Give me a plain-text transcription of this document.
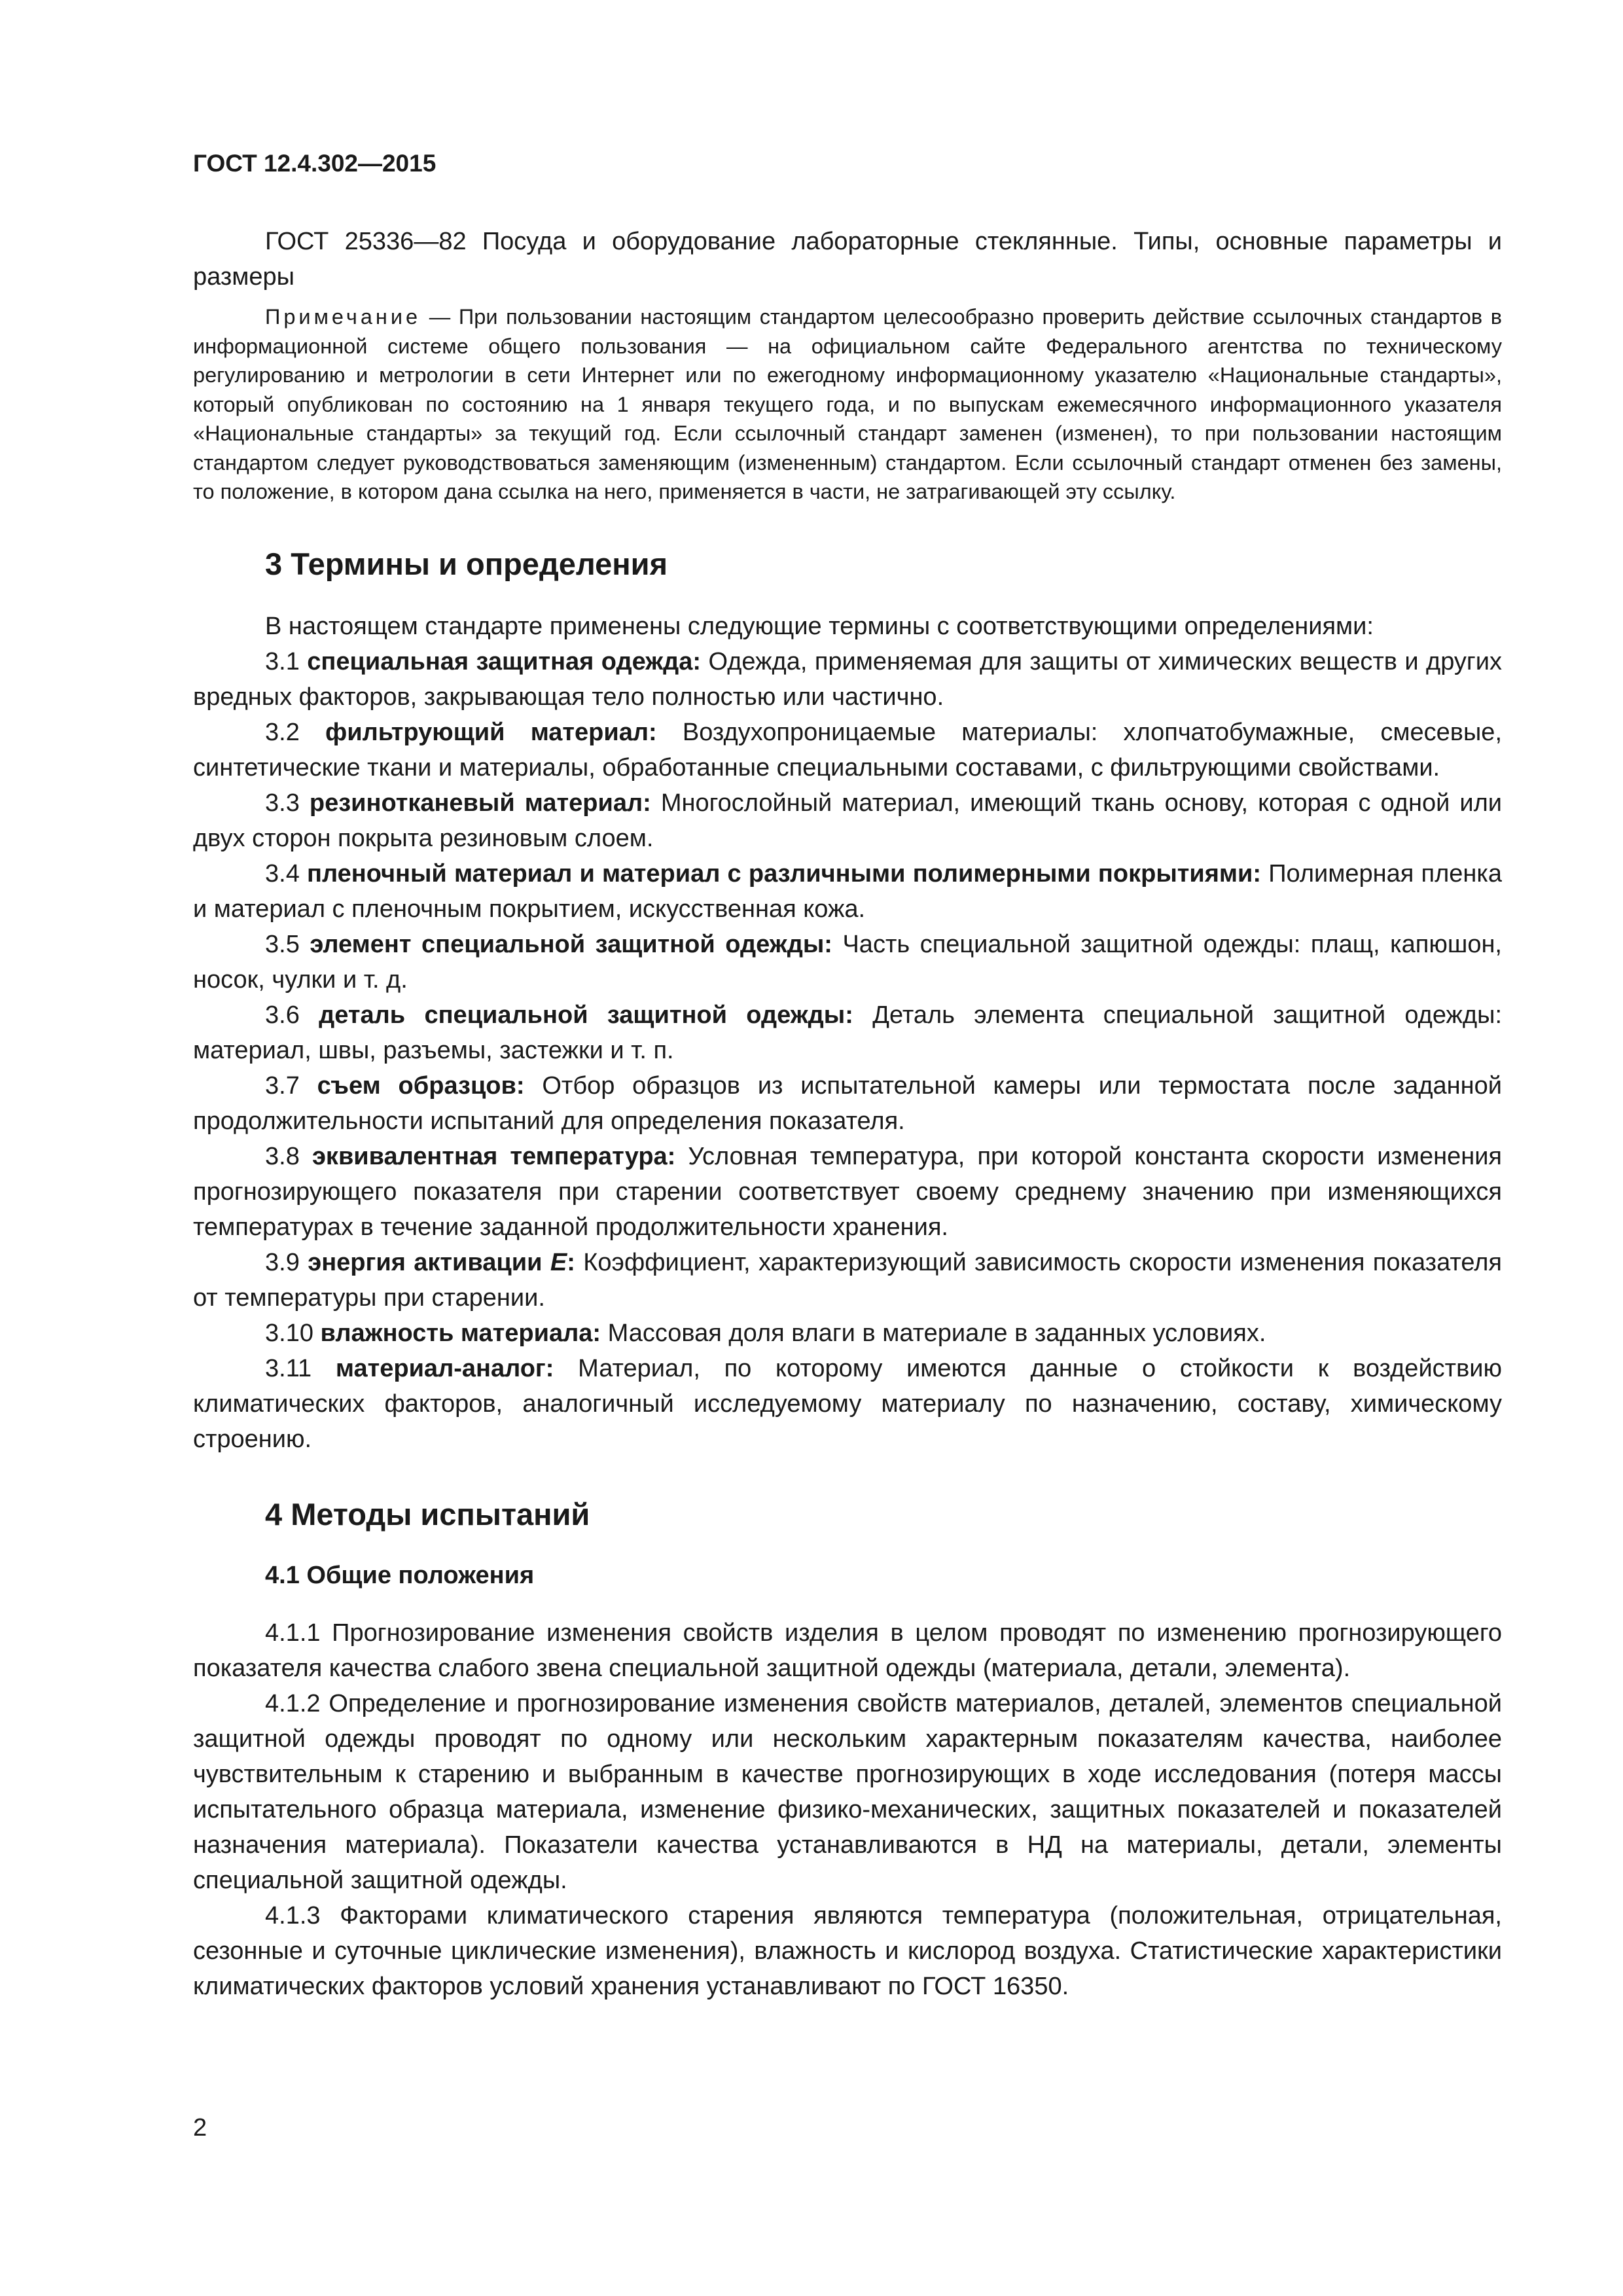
ГОСТ 12.4.302—2015

ГОСТ 25336—82 Посуда и оборудование лабораторные стеклянные. Типы, основные параметры и размеры

Примечание — При пользовании настоящим стандартом целесообразно проверить действие ссылочных стандартов в информационной системе общего пользования — на официальном сайте Федерального агентства по техническому регулированию и метрологии в сети Интернет или по ежегодному информационному указателю «Национальные стандарты», который опубликован по состоянию на 1 января текущего года, и по выпускам ежемесячного информационного указателя «Национальные стандарты» за текущий год. Если ссылочный стандарт заменен (изменен), то при пользовании настоящим стандартом следует руководствоваться заменяющим (измененным) стандартом. Если ссылочный стандарт отменен без замены, то положение, в котором дана ссылка на него, применяется в части, не затрагивающей эту ссылку.

3 Термины и определения

В настоящем стандарте применены следующие термины с соответствующими определениями:

3.1 специальная защитная одежда: Одежда, применяемая для защиты от химических веществ и других вредных факторов, закрывающая тело полностью или частично.

3.2 фильтрующий материал: Воздухопроницаемые материалы: хлопчатобумажные, смесевые, синтетические ткани и материалы, обработанные специальными составами, с фильтрующими свойствами.

3.3 резинотканевый материал: Многослойный материал, имеющий ткань основу, которая с одной или двух сторон покрыта резиновым слоем.

3.4 пленочный материал и материал с различными полимерными покрытиями: Полимерная пленка и материал с пленочным покрытием, искусственная кожа.

3.5 элемент специальной защитной одежды: Часть специальной защитной одежды: плащ, капюшон, носок, чулки и т. д.

3.6 деталь специальной защитной одежды: Деталь элемента специальной защитной одежды: материал, швы, разъемы, застежки и т. п.

3.7 съем образцов: Отбор образцов из испытательной камеры или термостата после заданной продолжительности испытаний для определения показателя.

3.8 эквивалентная температура: Условная температура, при которой константа скорости изменения прогнозирующего показателя при старении соответствует своему среднему значению при изменяющихся температурах в течение заданной продолжительности хранения.

3.9 энергия активации E: Коэффициент, характеризующий зависимость скорости изменения показателя от температуры при старении.

3.10 влажность материала: Массовая доля влаги в материале в заданных условиях.

3.11 материал-аналог: Материал, по которому имеются данные о стойкости к воздействию климатических факторов, аналогичный исследуемому материалу по назначению, составу, химическому строению.

4 Методы испытаний
4.1 Общие положения

4.1.1 Прогнозирование изменения свойств изделия в целом проводят по изменению прогнозирующего показателя качества слабого звена специальной защитной одежды (материала, детали, элемента).

4.1.2 Определение и прогнозирование изменения свойств материалов, деталей, элементов специальной защитной одежды проводят по одному или нескольким характерным показателям качества, наиболее чувствительным к старению и выбранным в качестве прогнозирующих в ходе исследования (потеря массы испытательного образца материала, изменение физико-механических, защитных показателей и показателей назначения материала). Показатели качества устанавливаются в НД на материалы, детали, элементы специальной защитной одежды.

4.1.3 Факторами климатического старения являются температура (положительная, отрицательная, сезонные и суточные циклические изменения), влажность и кислород воздуха. Статистические характеристики климатических факторов условий хранения устанавливают по ГОСТ 16350.

2
